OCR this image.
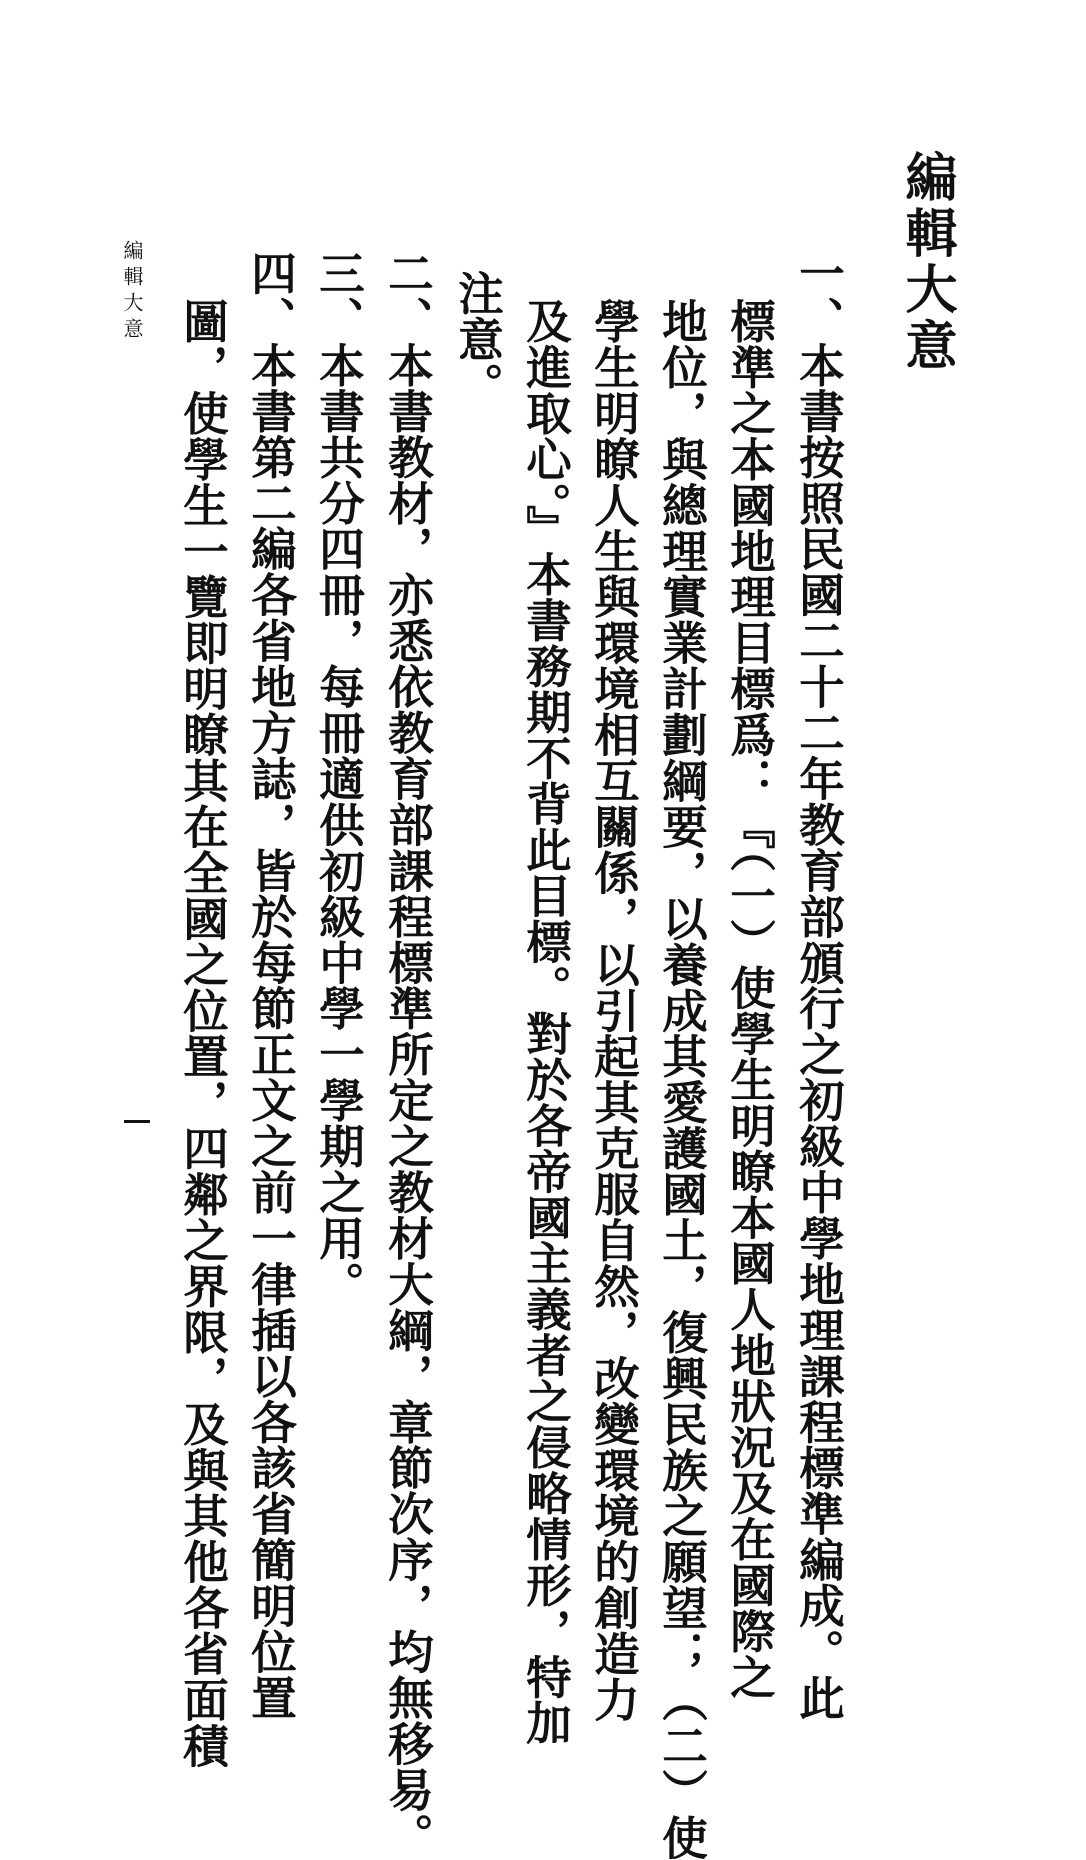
編輯大意
一、本書按照民國二十二年教育部頒行之初級中學地理課程標準編成。此
標準之本國地理目標爲：『（一）使學生明瞭本國人地狀況及在國際之
地位，與總理實業計劃綱要，以養成其愛護國土，復興民族之願望；（二）使
學生明瞭人生與環境相互關係，以引起其克服自然，改變環境的創造力
及進取心。』本書務期不背此目標。對於各帝國主義者之侵略情形，特加
注意。
二、本書教材，亦悉依教育部課程標準所定之教材大綱，章節次序，均無移易。
三、本書共分四冊，每冊適供初級中學一學期之用。
四、本書第二編各省地方誌，皆於每節正文之前一律插以各該省簡明位置
圖，使學生一覽即明瞭其在全國之位置，四鄰之界限，及與其他各省面積
編輯大意
